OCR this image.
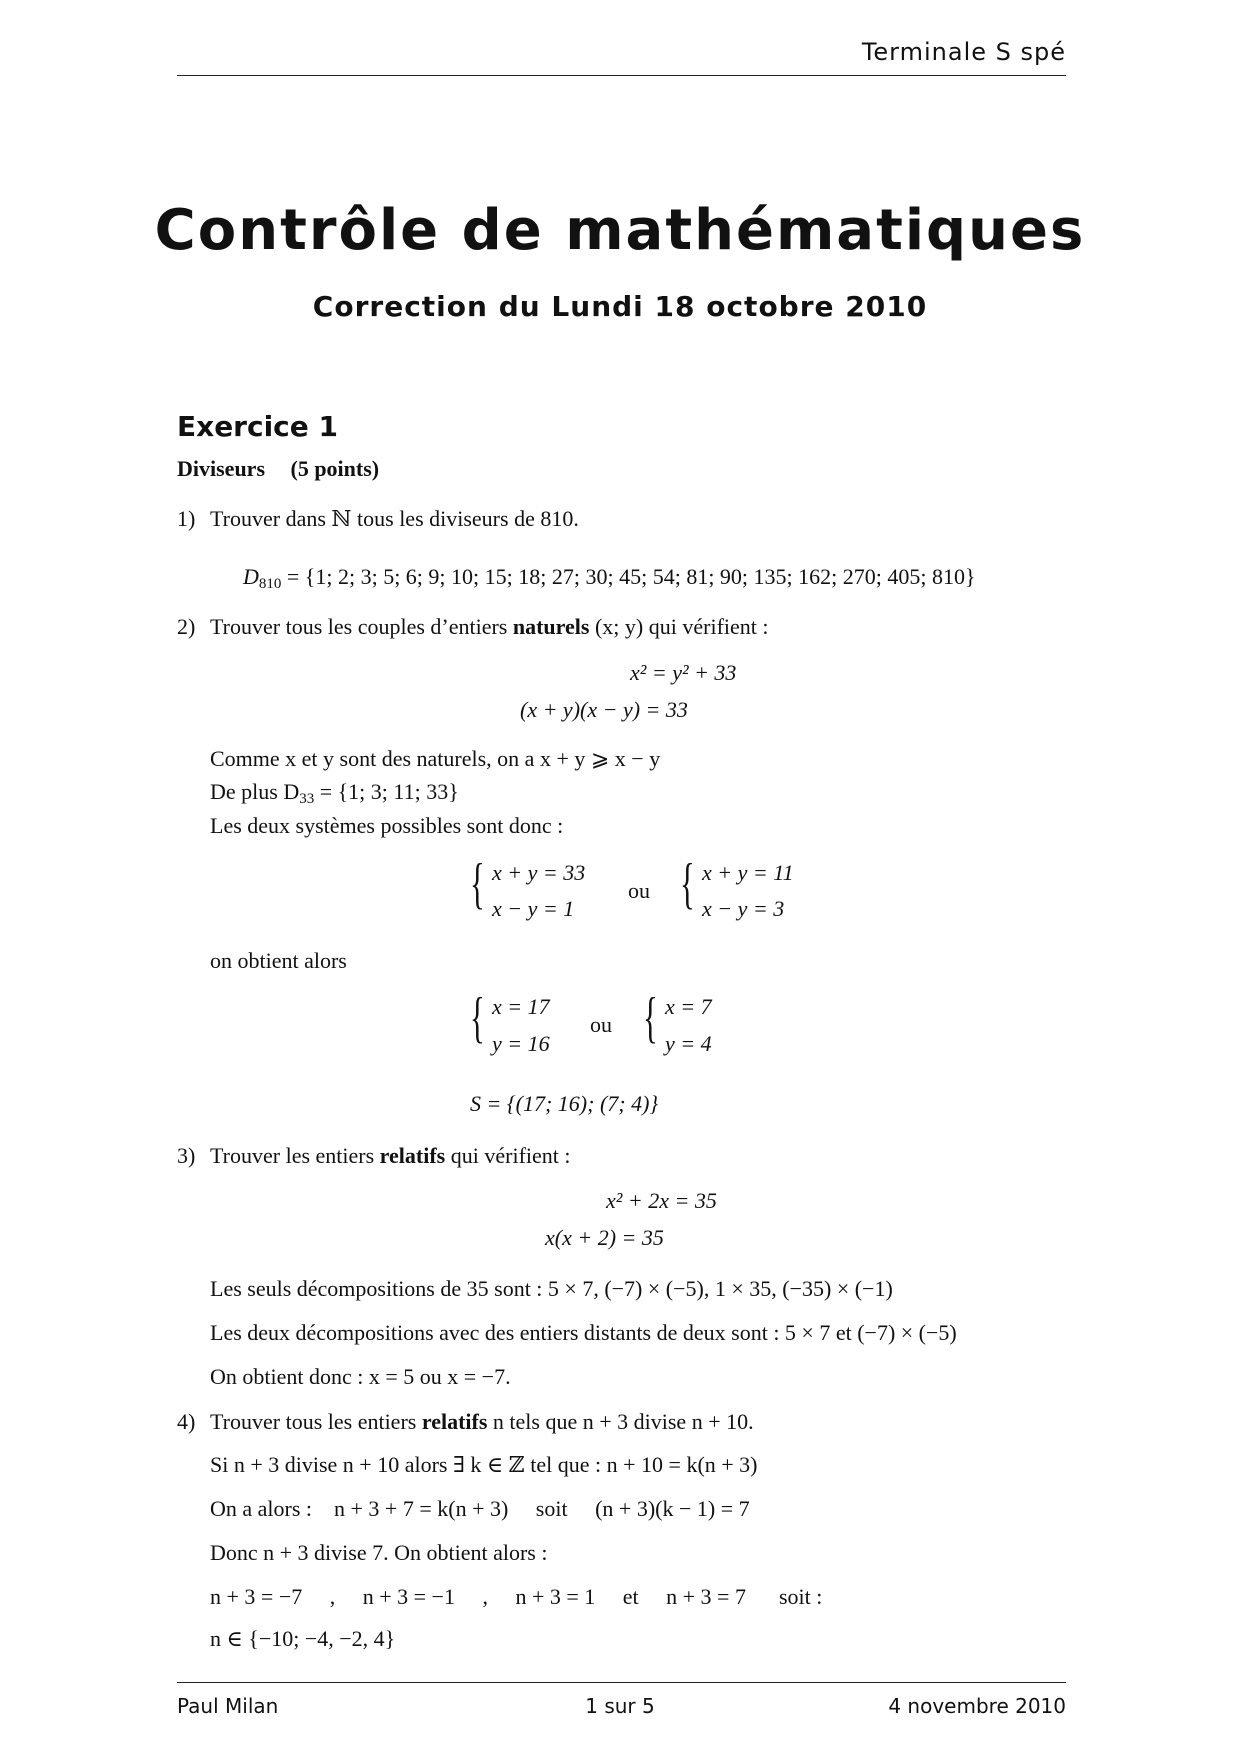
Terminale S spé
Contrôle de mathématiques
Correction du Lundi 18 octobre 2010
Exercice 1
Diviseurs (5 points)
1) Trouver dans ℕ tous les diviseurs de 810.
$D_{810} = \{1$; 2; 3; 5; 6; 9; 10; 15; 18; 27; 30; 45; 54; 81; 90; 135; 162; 270; 405; 810}
2) Trouver tous les couples d’entiers naturels (x; y) qui vérifient :
x² = y² + 33
(x + y)(x − y) = 33
Comme x et y sont des naturels, on a x + y ⩾ x − y
De plus $D_{33} = \{1$; 3; 11; 33}
Les deux systèmes possibles sont donc :
{ x + y = 33
x − y = 1
ou { x + y = 11
x − y = 3
on obtient alors
{ x = 17
y = 16
ou { x = 7
y = 4
S = {(17; 16); (7; 4)}
3) Trouver les entiers relatifs qui vérifient :
x² + 2x = 35
x(x + 2) = 35
Les seuls décompositions de 35 sont : 5 × 7, (−7) × (−5), 1 × 35, (−35) × (−1)
Les deux décompositions avec des entiers distants de deux sont : 5 × 7 et (−7) × (−5)
On obtient donc : x = 5 ou x = −7.
4) Trouver tous les entiers relatifs n tels que n + 3 divise n + 10.
Si n + 3 divise n + 10 alors ∃ k ∈ ℤ tel que : n + 10 = k(n + 3)
On a alors :    n + 3 + 7 = k(n + 3)     soit     (n + 3)(k − 1) = 7
Donc n + 3 divise 7. On obtient alors :
n + 3 = −7     ,     n + 3 = −1     ,     n + 3 = 1     et     n + 3 = 7      soit :
n ∈ {−10; −4, −2, 4}
Paul Milan	1 sur 5	4 novembre 2010
